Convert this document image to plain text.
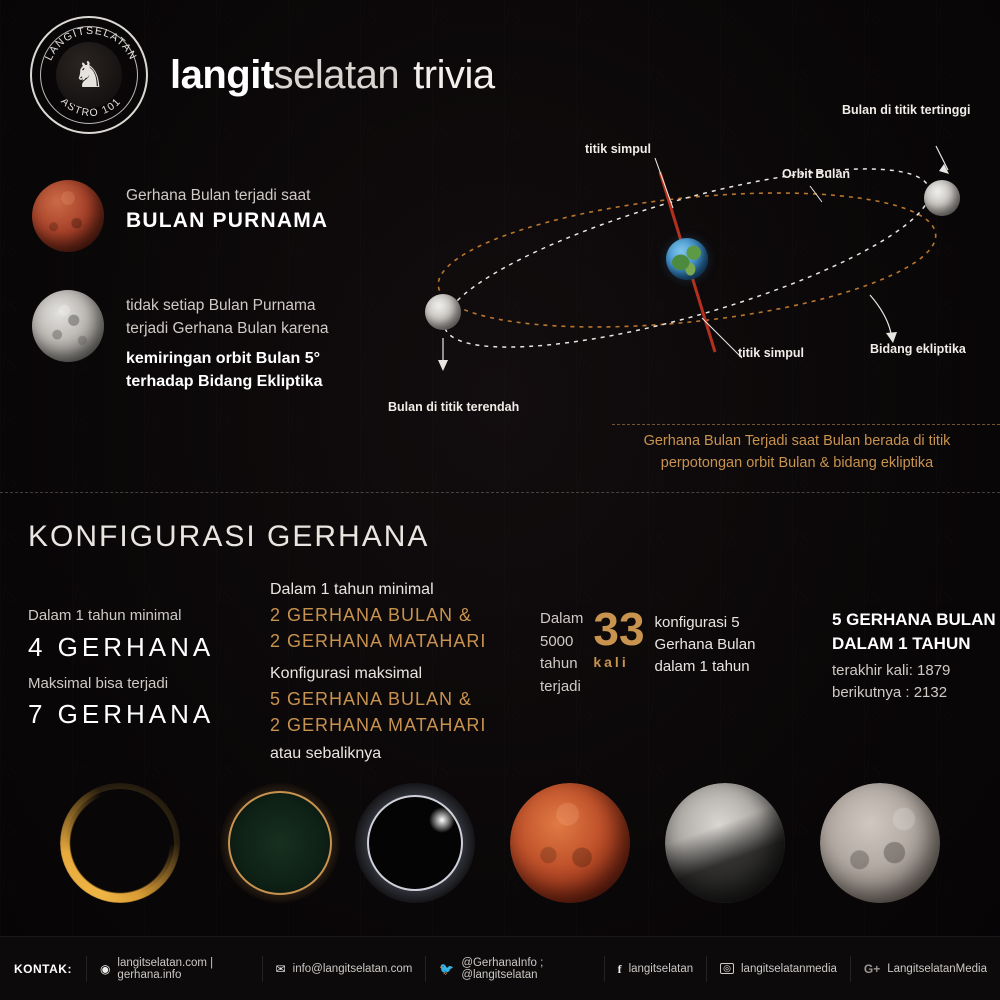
LANGITSELATAN
ASTRO 101
♞ langitselatan trivia
Gerhana Bulan terjadi saat
BULAN PURNAMA
tidak setiap Bulan Purnama
terjadi Gerhana Bulan karena
kemiringan orbit Bulan 5°
terhadap Bidang Ekliptika
titik simpul
titik simpul
Orbit Bulan
Bulan di titik tertinggi
Bulan di titik terendah
Bidang ekliptika
Gerhana Bulan Terjadi saat Bulan berada di titik
perpotongan orbit Bulan & bidang ekliptika
KONFIGURASI GERHANA
Dalam 1 tahun minimal
4 GERHANA
Maksimal bisa terjadi
7 GERHANA
Dalam 1 tahun minimal
2 GERHANA BULAN &
2 GERHANA MATAHARI
Konfigurasi maksimal
5 GERHANA BULAN &
2 GERHANA MATAHARI
atau sebaliknya
Dalam 5000 tahun terjadi
33
kali
konfigurasi 5 Gerhana Bulan dalam 1 tahun
5 GERHANA BULAN
DALAM 1 TAHUN
terakhir kali: 1879
berikutnya : 2132
KONTAK:	◉ langitselatan.com | gerhana.info	✉ info@langitselatan.com 🐦 @GerhanaInfo ; @langitselatan	f langitselatan	◎ langitselatanmedia G+ LangitselatanMedia
